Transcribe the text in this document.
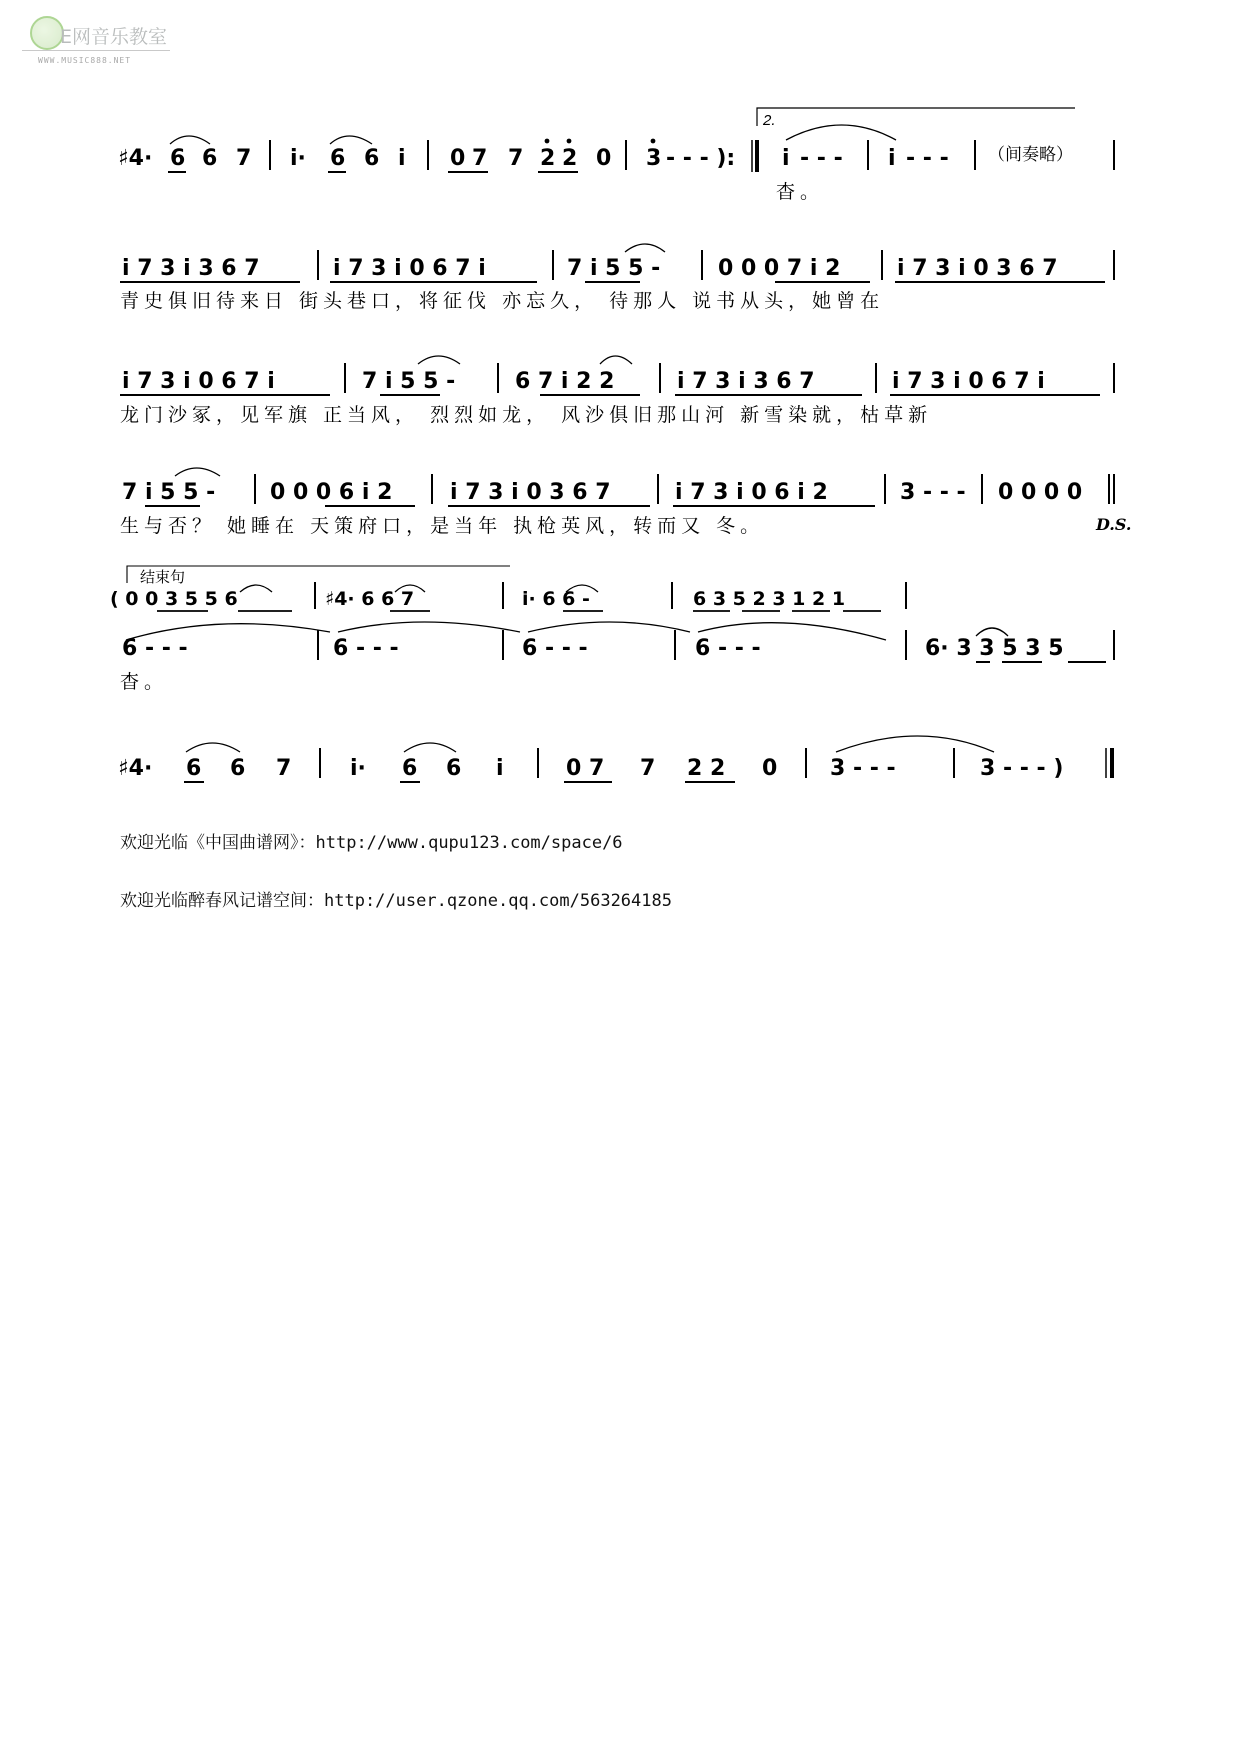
E网音乐教室
WWW.MUSIC888.NET
2.
♯4· 6 6 7 i· 6 6 i 0 7 7 2 2 0 3 - - - ): i - - - i - - - （间奏略）
杳。
i 7 3 i 3 6 7	i 7 3 i 0 6 7 i	7 i 5 5 -	0 0 0 7 i 2	i 7 3 i 0 3 6 7
青史俱旧待来日 街头巷口，将征伐 亦忘久， 待那人 说书从头，她曾在
i 7 3 i 0 6 7 i	7 i 5 5 -	6 7 i 2 2	i 7 3 i 3 6 7	i 7 3 i 0 6 7 i
龙门沙冢，见军旗 正当风， 烈烈如龙， 风沙俱旧那山河 新雪染就，枯草新
7 i 5 5 - 0 0 0 6 i 2	i 7 3 i 0 3 6 7	i 7 3 i 0 6 i 2	3 - - - 0 0 0 0
生与否？ 她睡在 天策府口，是当年 执枪英风，转而又 冬。	D.S.
结束句
( 0 0 3 5 5 6	♯4· 6 6 7	i· 6 6 -	6 3 5 2 3 1 2 1
6 - - -	6 - - -	6 - - -	6 - - -	6· 3 3 5 3 5
杳。
♯4· 6 6 7	i· 6 6 i	0 7 7 2 2 0 3 - - -	3 - - - )
欢迎光临《中国曲谱网》：http://www.qupu123.com/space/6
欢迎光临醉春风记谱空间：http://user.qzone.qq.com/563264185
